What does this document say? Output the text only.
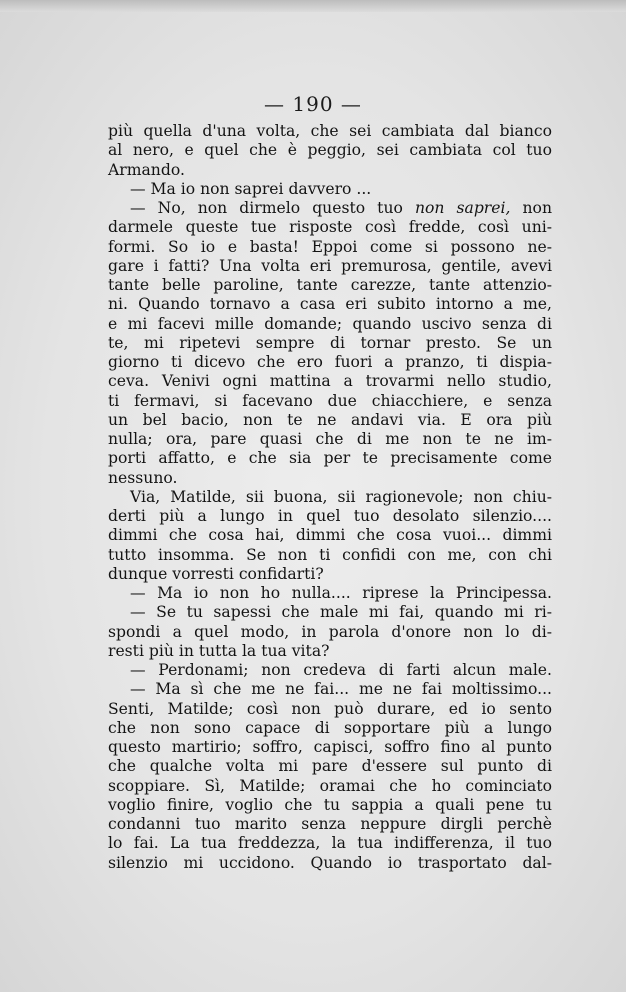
— 190 —
più quella d'una volta, che sei cambiata dal bianco
al nero, e quel che è peggio, sei cambiata col tuo
Armando.
— Ma io non saprei davvero ...
— No, non dirmelo questo tuo non saprei, non
darmele queste tue risposte così fredde, così uni-
formi. So io e basta! Eppoi come si possono ne-
gare i fatti? Una volta eri premurosa, gentile, avevi
tante belle paroline, tante carezze, tante attenzio-
ni. Quando tornavo a casa eri subito intorno a me,
e mi facevi mille domande; quando uscivo senza di
te, mi ripetevi sempre di tornar presto. Se un
giorno ti dicevo che ero fuori a pranzo, ti dispia-
ceva. Venivi ogni mattina a trovarmi nello studio,
ti fermavi, si facevano due chiacchiere, e senza
un bel bacio, non te ne andavi via. E ora più
nulla; ora, pare quasi che di me non te ne im-
porti affatto, e che sia per te precisamente come
nessuno.
Via, Matilde, sii buona, sii ragionevole; non chiu-
derti più a lungo in quel tuo desolato silenzio....
dimmi che cosa hai, dimmi che cosa vuoi... dimmi
tutto insomma. Se non ti confidi con me, con chi
dunque vorresti confidarti?
— Ma io non ho nulla.... riprese la Principessa.
— Se tu sapessi che male mi fai, quando mi ri-
spondi a quel modo, in parola d'onore non lo di-
resti più in tutta la tua vita?
— Perdonami; non credeva di farti alcun male.
— Ma sì che me ne fai... me ne fai moltissimo...
Senti, Matilde; così non può durare, ed io sento
che non sono capace di sopportare più a lungo
questo martirio; soffro, capisci, soffro fino al punto
che qualche volta mi pare d'essere sul punto di
scoppiare. Sì, Matilde; oramai che ho cominciato
voglio finire, voglio che tu sappia a quali pene tu
condanni tuo marito senza neppure dirgli perchè
lo fai. La tua freddezza, la tua indifferenza, il tuo
silenzio mi uccidono. Quando io trasportato dal-
